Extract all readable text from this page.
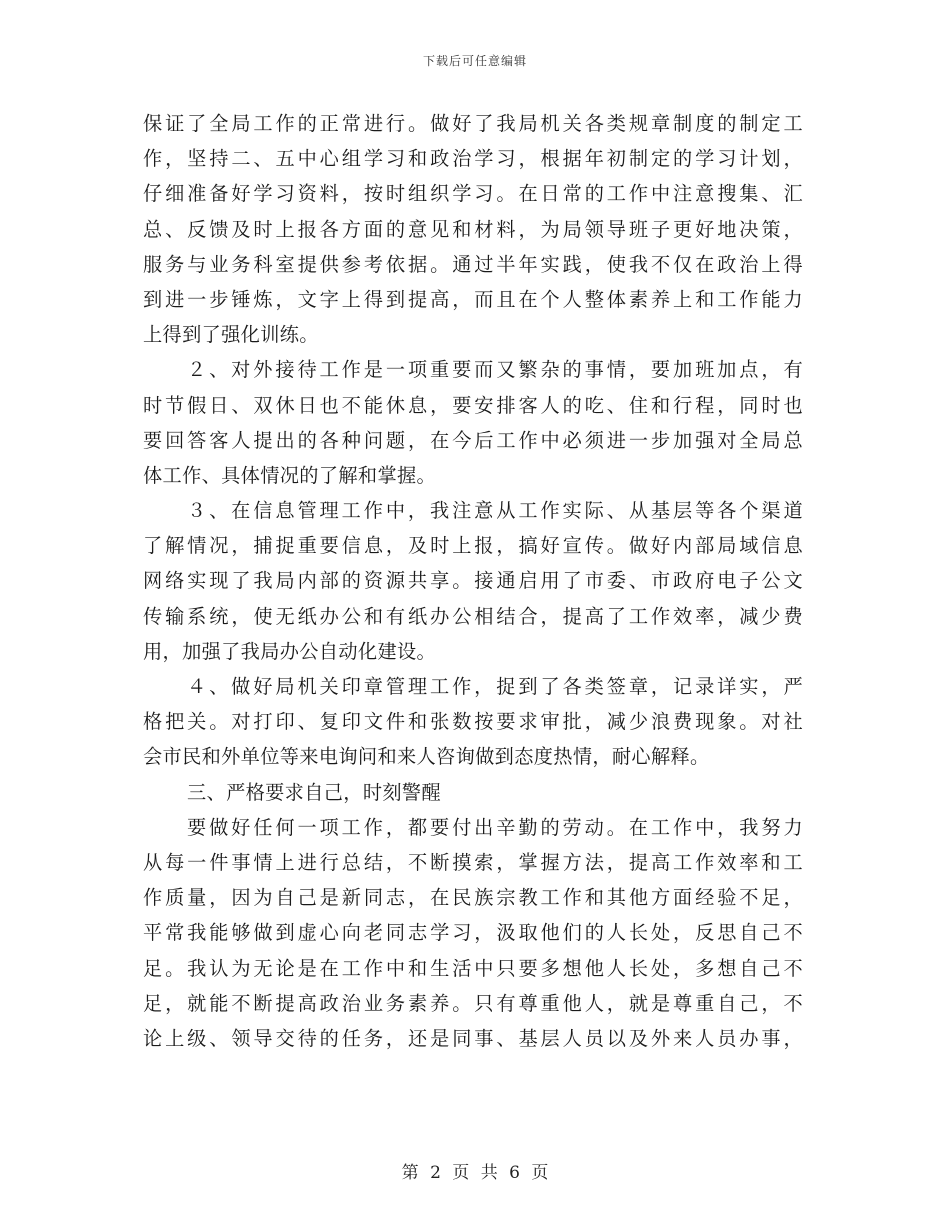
下载后可任意编辑
保证了全局工作的正常进行。做好了我局机关各类规章制度的制定工
作，坚持二、五中心组学习和政治学习，根据年初制定的学习计划，
仔细准备好学习资料，按时组织学习。在日常的工作中注意搜集、汇
总、反馈及时上报各方面的意见和材料，为局领导班子更好地决策，
服务与业务科室提供参考依据。通过半年实践，使我不仅在政治上得
到进一步锤炼，文字上得到提高，而且在个人整体素养上和工作能力
上得到了强化训练。
２、对外接待工作是一项重要而又繁杂的事情，要加班加点，有
时节假日、双休日也不能休息，要安排客人的吃、住和行程，同时也
要回答客人提出的各种问题，在今后工作中必须进一步加强对全局总
体工作、具体情况的了解和掌握。
３、在信息管理工作中，我注意从工作实际、从基层等各个渠道
了解情况，捕捉重要信息，及时上报，搞好宣传。做好内部局域信息
网络实现了我局内部的资源共享。接通启用了市委、市政府电子公文
传输系统，使无纸办公和有纸办公相结合，提高了工作效率，减少费
用，加强了我局办公自动化建设。
４、做好局机关印章管理工作，捉到了各类签章，记录详实，严
格把关。对打印、复印文件和张数按要求审批，减少浪费现象。对社
会市民和外单位等来电询问和来人咨询做到态度热情，耐心解释。
三、严格要求自己，时刻警醒
要做好任何一项工作，都要付出辛勤的劳动。在工作中，我努力
从每一件事情上进行总结，不断摸索，掌握方法，提高工作效率和工
作质量，因为自己是新同志，在民族宗教工作和其他方面经验不足，
平常我能够做到虚心向老同志学习，汲取他们的人长处，反思自己不
足。我认为无论是在工作中和生活中只要多想他人长处，多想自己不
足，就能不断提高政治业务素养。只有尊重他人，就是尊重自己，不
论上级、领导交待的任务，还是同事、基层人员以及外来人员办事，
第 2 页 共 6 页
